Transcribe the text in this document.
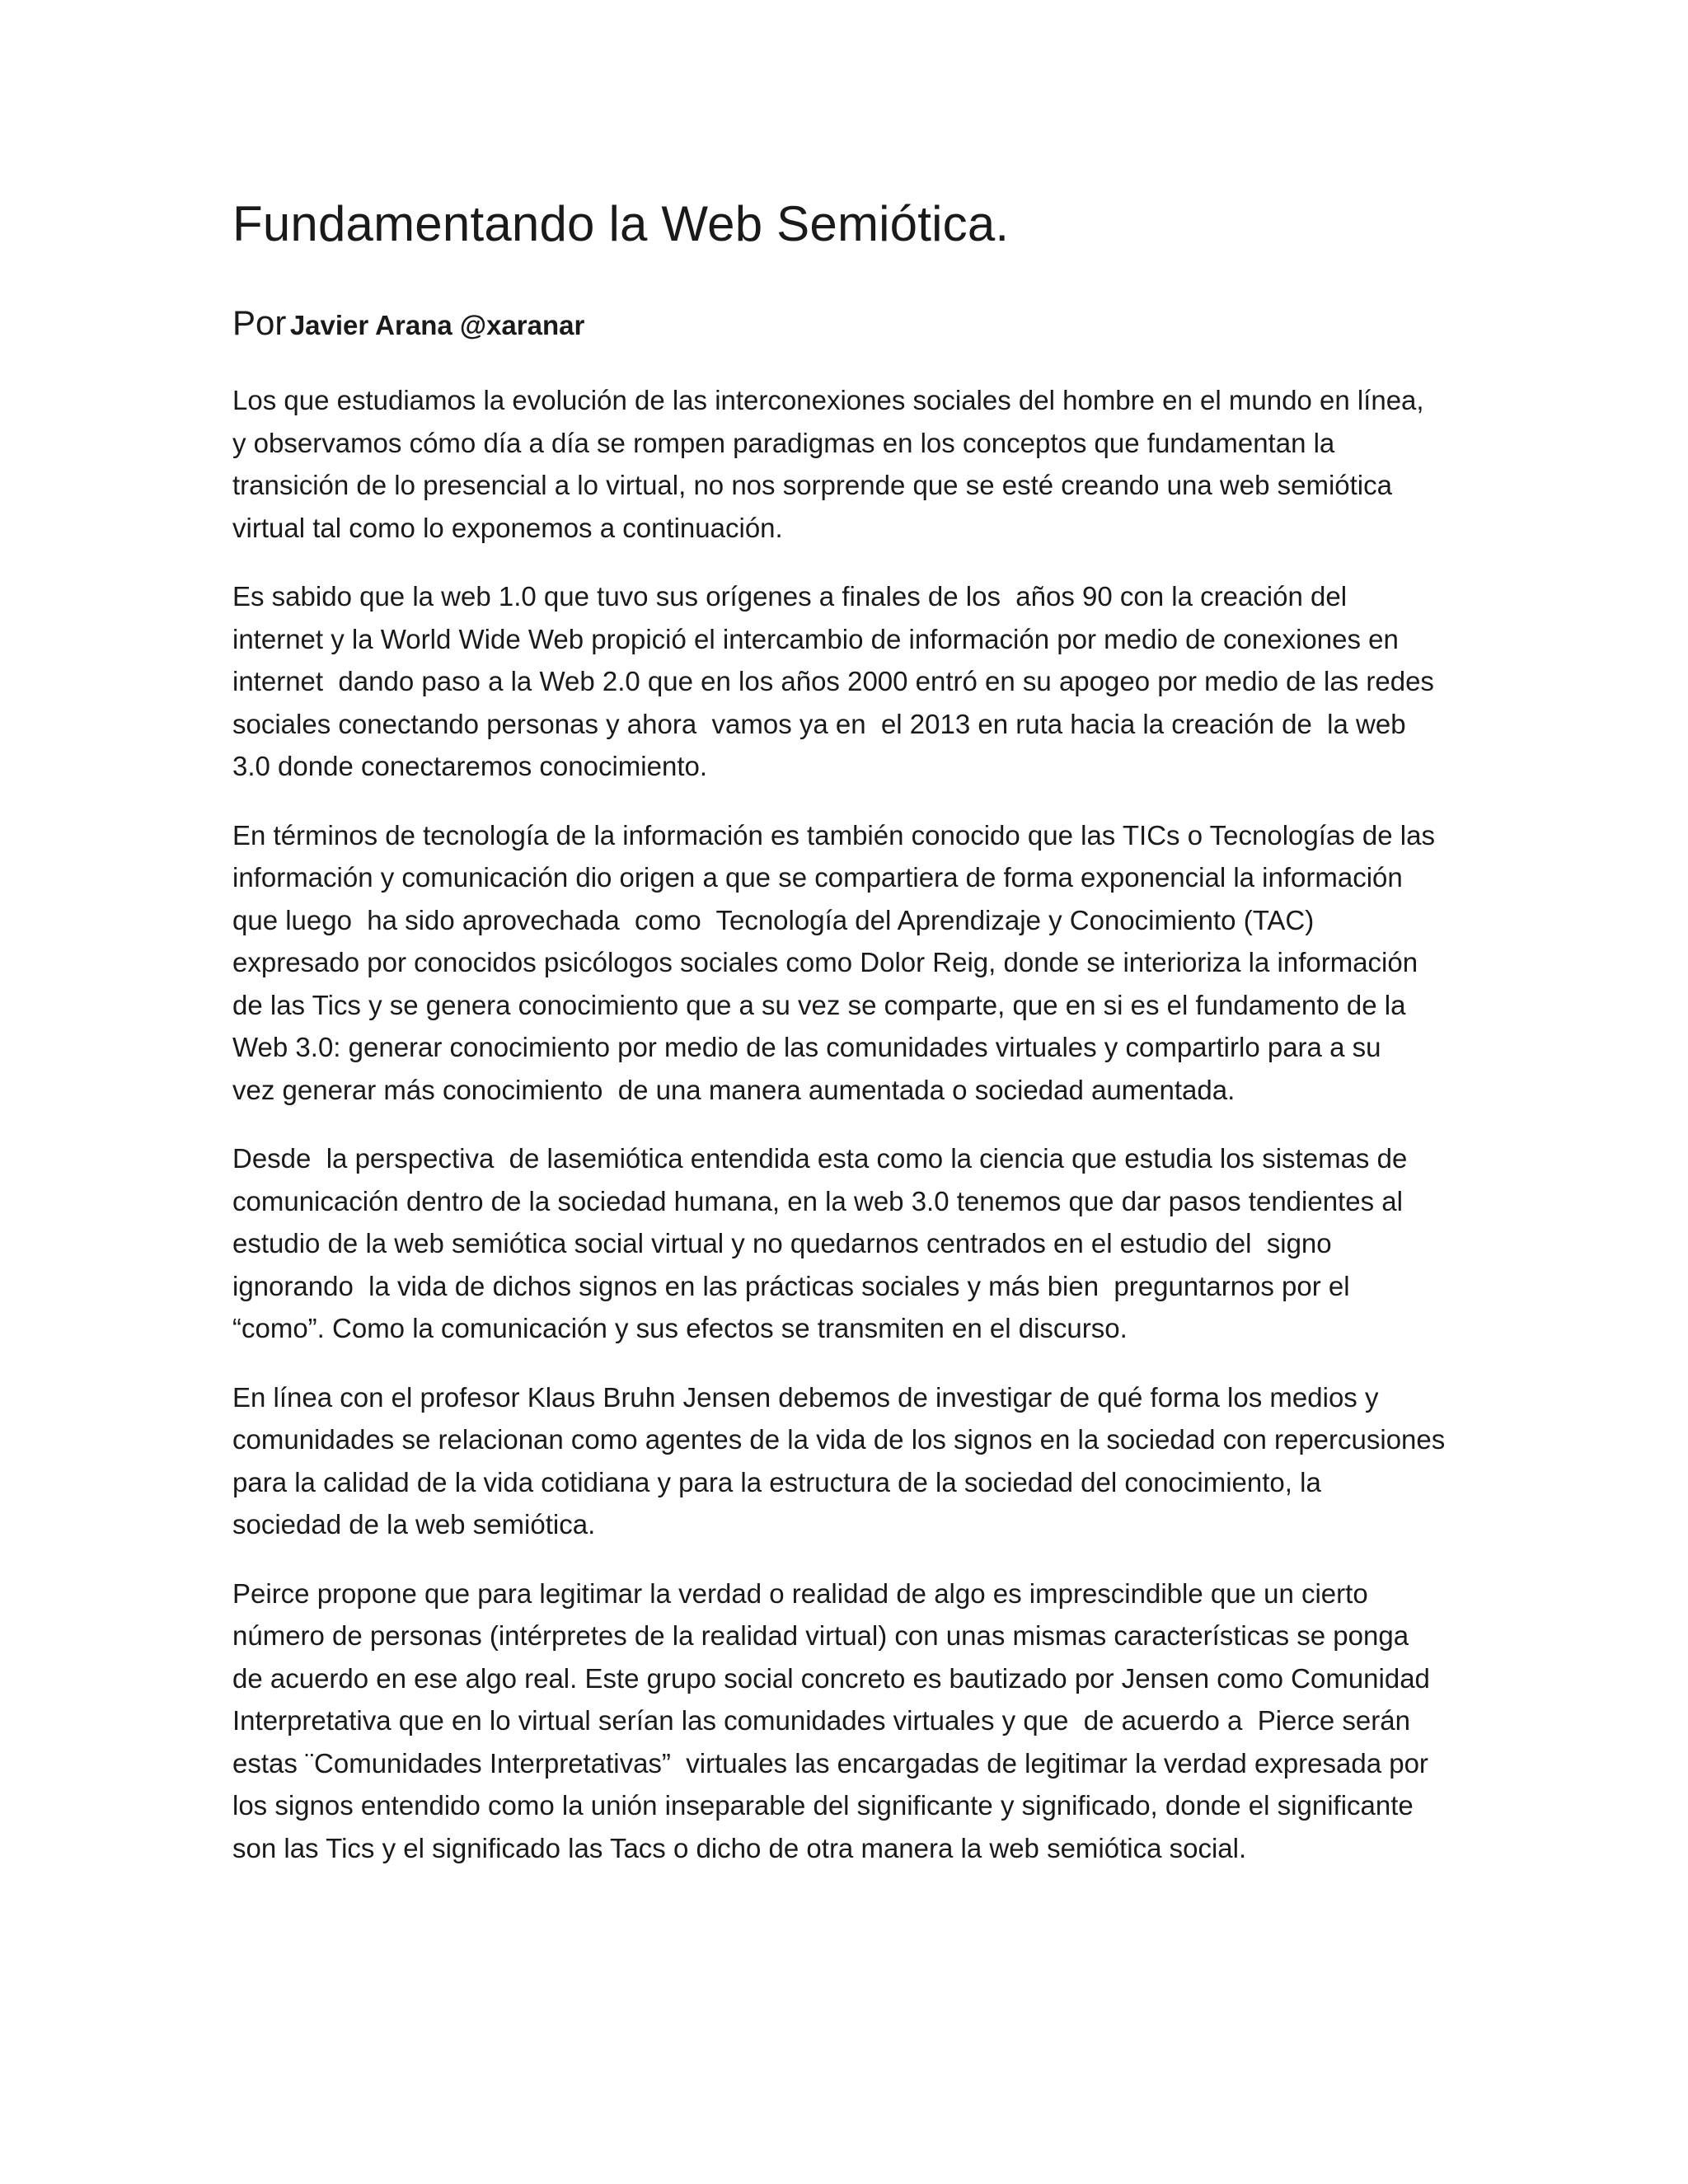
Fundamentando la Web Semiótica.

Por Javier Arana @xaranar

Los que estudiamos la evolución de las interconexiones sociales del hombre en el mundo en línea,
y observamos cómo día a día se rompen paradigmas en los conceptos que fundamentan la
transición de lo presencial a lo virtual, no nos sorprende que se esté creando una web semiótica
virtual tal como lo exponemos a continuación.

Es sabido que la web 1.0 que tuvo sus orígenes a finales de los  años 90 con la creación del
internet y la World Wide Web propició el intercambio de información por medio de conexiones en
internet  dando paso a la Web 2.0 que en los años 2000 entró en su apogeo por medio de las redes
sociales conectando personas y ahora  vamos ya en  el 2013 en ruta hacia la creación de  la web
3.0 donde conectaremos conocimiento.

En términos de tecnología de la información es también conocido que las TICs o Tecnologías de las
información y comunicación dio origen a que se compartiera de forma exponencial la información
que luego  ha sido aprovechada  como  Tecnología del Aprendizaje y Conocimiento (TAC)
expresado por conocidos psicólogos sociales como Dolor Reig, donde se interioriza la información
de las Tics y se genera conocimiento que a su vez se comparte, que en si es el fundamento de la
Web 3.0: generar conocimiento por medio de las comunidades virtuales y compartirlo para a su
vez generar más conocimiento  de una manera aumentada o sociedad aumentada.

Desde  la perspectiva  de lasemiótica entendida esta como la ciencia que estudia los sistemas de
comunicación dentro de la sociedad humana, en la web 3.0 tenemos que dar pasos tendientes al
estudio de la web semiótica social virtual y no quedarnos centrados en el estudio del  signo
ignorando  la vida de dichos signos en las prácticas sociales y más bien  preguntarnos por el
“como”. Como la comunicación y sus efectos se transmiten en el discurso.

En línea con el profesor Klaus Bruhn Jensen debemos de investigar de qué forma los medios y
comunidades se relacionan como agentes de la vida de los signos en la sociedad con repercusiones
para la calidad de la vida cotidiana y para la estructura de la sociedad del conocimiento, la
sociedad de la web semiótica.

Peirce propone que para legitimar la verdad o realidad de algo es imprescindible que un cierto
número de personas (intérpretes de la realidad virtual) con unas mismas características se ponga
de acuerdo en ese algo real. Este grupo social concreto es bautizado por Jensen como Comunidad
Interpretativa que en lo virtual serían las comunidades virtuales y que  de acuerdo a  Pierce serán
estas ¨Comunidades Interpretativas”  virtuales las encargadas de legitimar la verdad expresada por
los signos entendido como la unión inseparable del significante y significado, donde el significante
son las Tics y el significado las Tacs o dicho de otra manera la web semiótica social.
